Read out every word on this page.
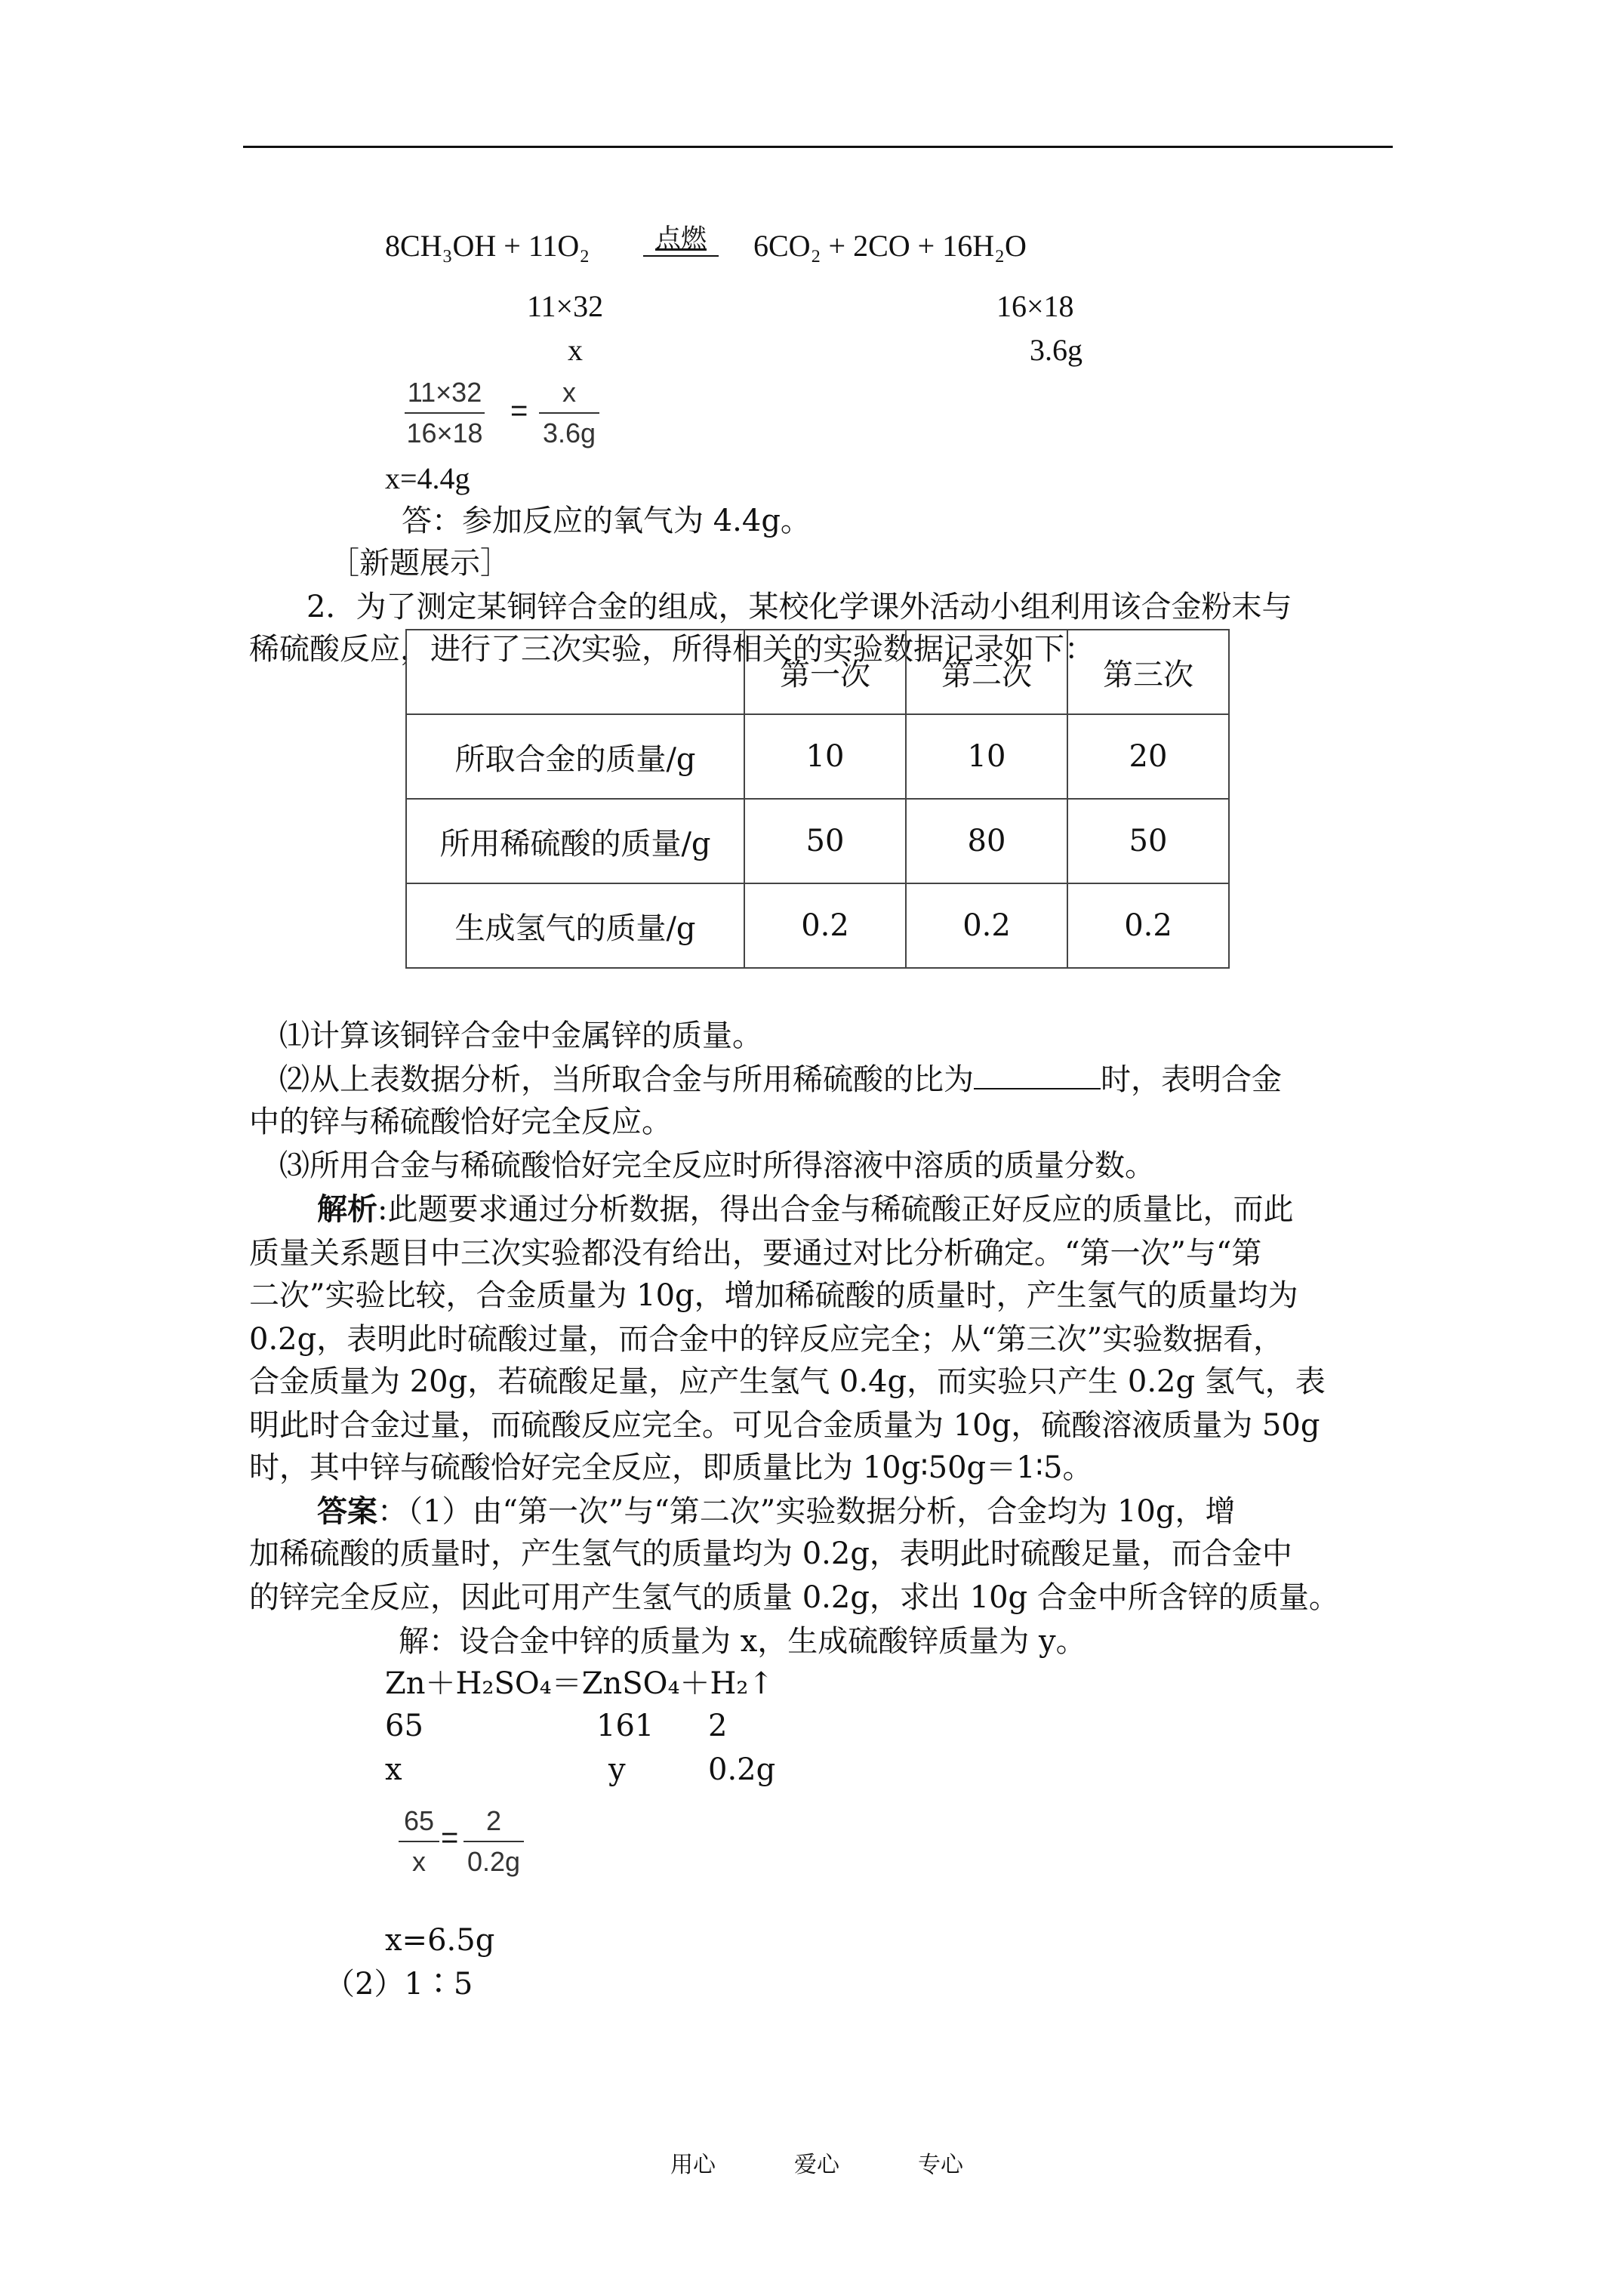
8CH₃OH + 11O₂	点燃	6CO₂ + 2CO + 16H₂O
11×32	16×18
x	3.6g
11×32
16×18
=
x
3.6g
x=4.4g
答：参加反应的氧气为 4.4g。
［新题展示］
2．为了测定某铜锌合金的组成，某校化学课外活动小组利用该合金粉末与
稀硫酸反应，进行了三次实验，所得相关的实验数据记录如下：
	第一次	第二次	第三次
所取合金的质量/g	10	10	20
所用稀硫酸的质量/g	50	80	50
生成氢气的质量/g	0.2	0.2	0.2
⑴计算该铜锌合金中金属锌的质量。
⑵从上表数据分析，当所取合金与所用稀硫酸的比为	时，表明合金
中的锌与稀硫酸恰好完全反应。
⑶所用合金与稀硫酸恰好完全反应时所得溶液中溶质的质量分数。
解析:此题要求通过分析数据，得出合金与稀硫酸正好反应的质量比，而此
质量关系题目中三次实验都没有给出，要通过对比分析确定。“第一次”与“第
二次”实验比较，合金质量为 10g，增加稀硫酸的质量时，产生氢气的质量均为
0.2g，表明此时硫酸过量，而合金中的锌反应完全；从“第三次”实验数据看，
合金质量为 20g，若硫酸足量，应产生氢气 0.4g，而实验只产生 0.2g 氢气，表
明此时合金过量，而硫酸反应完全。可见合金质量为 10g，硫酸溶液质量为 50g
时，其中锌与硫酸恰好完全反应，即质量比为 10g∶50g＝1∶5。
答案：（1）由“第一次”与“第二次”实验数据分析，合金均为 10g，增
加稀硫酸的质量时，产生氢气的质量均为 0.2g，表明此时硫酸足量，而合金中
的锌完全反应，因此可用产生氢气的质量 0.2g，求出 10g 合金中所含锌的质量。
解：设合金中锌的质量为 x，生成硫酸锌质量为 y。
Zn＋H₂SO₄＝ZnSO₄＋H₂↑
65	161 2
x	y	0.2g
65
x
=
2
0.2g
x=6.5g
（2）1∶5
用心	爱心	专心
